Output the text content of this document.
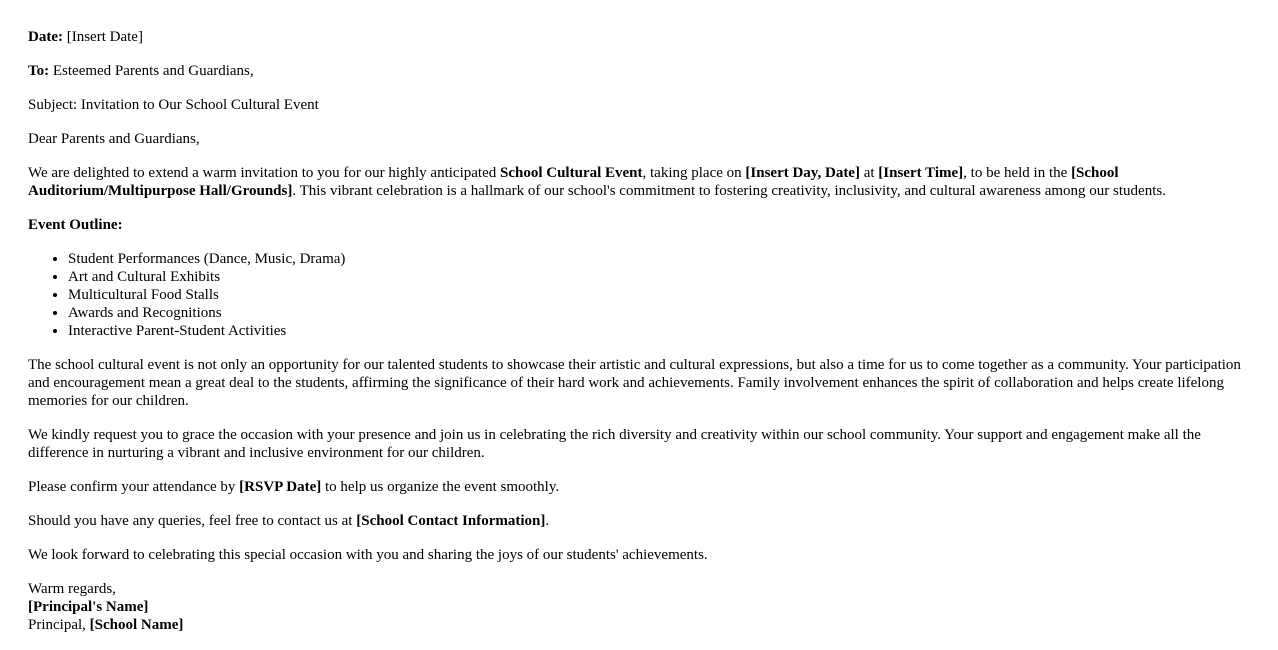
Date: [Insert Date]

To: Esteemed Parents and Guardians,

Subject: Invitation to Our School Cultural Event

Dear Parents and Guardians,

We are delighted to extend a warm invitation to you for our highly anticipated School Cultural Event, taking place on [Insert Day, Date] at [Insert Time], to be held in the [School Auditorium/Multipurpose Hall/Grounds]. This vibrant celebration is a hallmark of our school's commitment to fostering creativity, inclusivity, and cultural awareness among our students.

Event Outline:

• Student Performances (Dance, Music, Drama)
• Art and Cultural Exhibits
• Multicultural Food Stalls
• Awards and Recognitions
• Interactive Parent-Student Activities

The school cultural event is not only an opportunity for our talented students to showcase their artistic and cultural expressions, but also a time for us to come together as a community. Your participation and encouragement mean a great deal to the students, affirming the significance of their hard work and achievements. Family involvement enhances the spirit of collaboration and helps create lifelong memories for our children.

We kindly request you to grace the occasion with your presence and join us in celebrating the rich diversity and creativity within our school community. Your support and engagement make all the difference in nurturing a vibrant and inclusive environment for our children.

Please confirm your attendance by [RSVP Date] to help us organize the event smoothly.

Should you have any queries, feel free to contact us at [School Contact Information].

We look forward to celebrating this special occasion with you and sharing the joys of our students' achievements.

Warm regards,
[Principal's Name]
Principal, [School Name]
